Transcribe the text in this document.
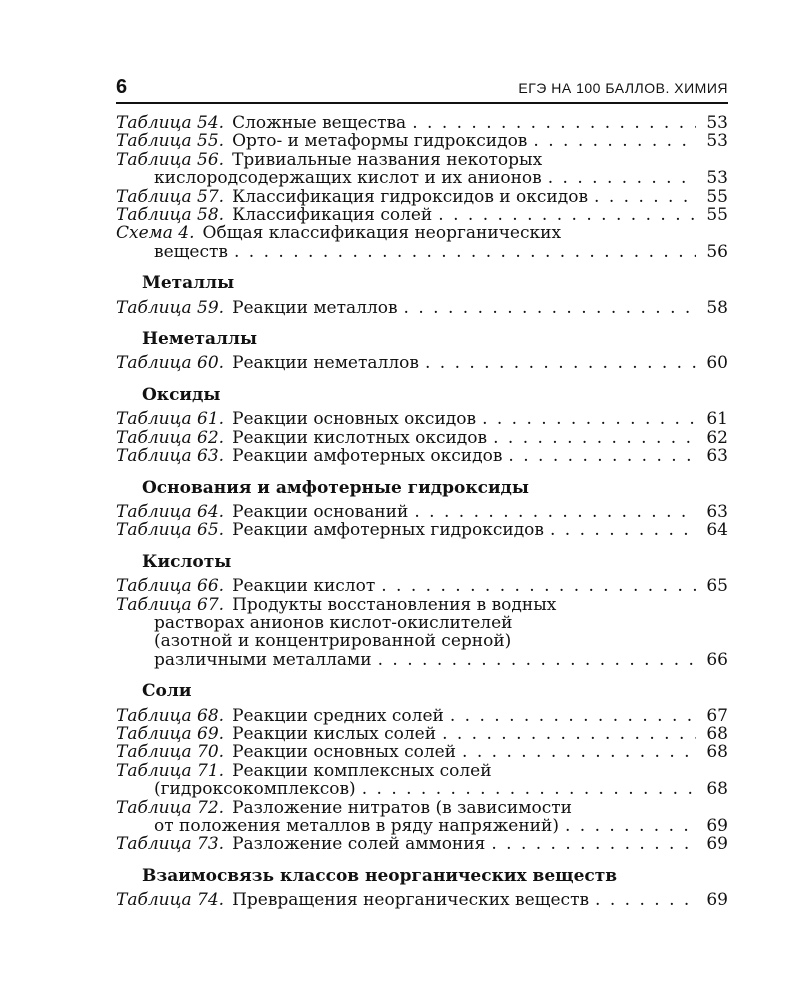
6	ЕГЭ НА 100 БАЛЛОВ. ХИМИЯ
Таблица 54. Сложные вещества . . .	53
Таблица 55. Орто- и метаформы гидроксидов . . .	53
Таблица 56. Тривиальные названия некоторых
кислородсодержащих кислот и их анионов . . .	53
Таблица 57. Классификация гидроксидов и оксидов . . .	55
Таблица 58. Классификация солей . . .	55
Схема 4. Общая классификация неорганических
веществ . . .	56
Металлы
Таблица 59. Реакции металлов . . .	58
Неметаллы
Таблица 60. Реакции неметаллов . . .	60
Оксиды
Таблица 61. Реакции основных оксидов . . .	61
Таблица 62. Реакции кислотных оксидов . . .	62
Таблица 63. Реакции амфотерных оксидов . . .	63
Основания и амфотерные гидроксиды
Таблица 64. Реакции оснований . . .	63
Таблица 65. Реакции амфотерных гидроксидов . . .	64
Кислоты
Таблица 66. Реакции кислот . . .	65
Таблица 67. Продукты восстановления в водных
растворах анионов кислот-окислителей
(азотной и концентрированной серной)
различными металлами . . .	66
Соли
Таблица 68. Реакции средних солей . . .	67
Таблица 69. Реакции кислых солей . . .	68
Таблица 70. Реакции основных солей . . .	68
Таблица 71. Реакции комплексных солей
(гидроксокомплексов) . . .	68
Таблица 72. Разложение нитратов (в зависимости
от положения металлов в ряду напряжений) . . .	69
Таблица 73. Разложение солей аммония . . .	69
Взаимосвязь классов неорганических веществ
Таблица 74. Превращения неорганических веществ . . .	69
